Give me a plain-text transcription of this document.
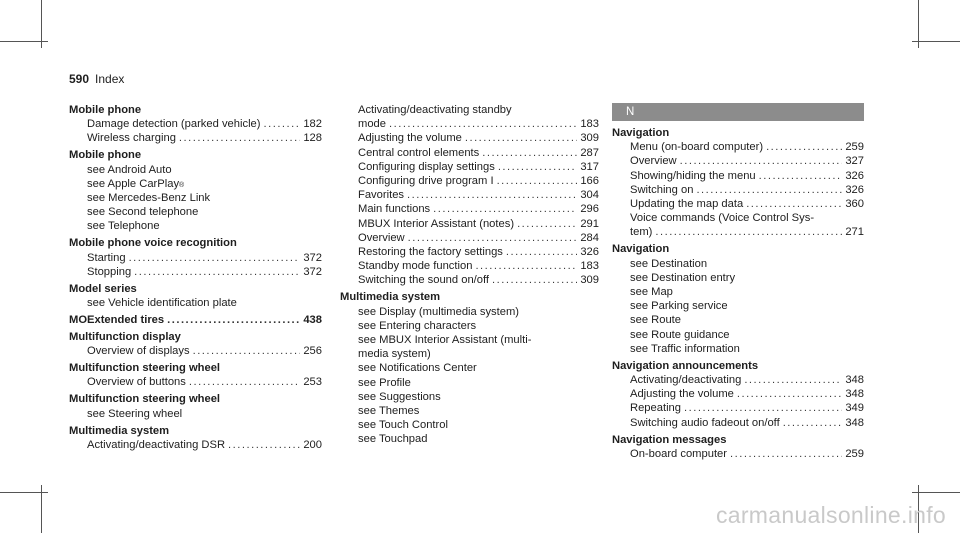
590 Index
Mobile phone
Damage detection (parked vehicle) .....	182
Wireless charging .....	128
Mobile phone
see Android Auto
see Apple CarPlay ®
see Mercedes-Benz Link
see Second telephone
see Telephone
Mobile phone voice recognition
Starting .....	372
Stopping .....	372
Model series
see Vehicle identification plate
MOExtended tires .....	438
Multifunction display
Overview of displays .....	256
Multifunction steering wheel
Overview of buttons .....	253
Multifunction steering wheel
see Steering wheel
Multimedia system
Activating/deactivating DSR .....	200
Activating/deactivating standby
mode .....	183
Adjusting the volume .....	309
Central control elements .....	287
Configuring display settings .....	317
Configuring drive program I .....	166
Favorites .....	304
Main functions .....	296
MBUX Interior Assistant (notes) .....	291
Overview .....	284
Restoring the factory settings .....	326
Standby mode function .....	183
Switching the sound on/off .....	309
Multimedia system
see Display (multimedia system)
see Entering characters
see MBUX Interior Assistant (multi-
media system)
see Notifications Center
see Profile
see Suggestions
see Themes
see Touch Control
see Touchpad
N
Navigation
Menu (on-board computer) .....	259
Overview .....	327
Showing/hiding the menu .....	326
Switching on .....	326
Updating the map data .....	360
Voice commands (Voice Control Sys-
tem) .....	271
Navigation
see Destination
see Destination entry
see Map
see Parking service
see Route
see Route guidance
see Traffic information
Navigation announcements
Activating/deactivating .....	348
Adjusting the volume .....	348
Repeating .....	349
Switching audio fadeout on/off .....	348
Navigation messages
On-board computer .....	259
carmanualsonline.info
